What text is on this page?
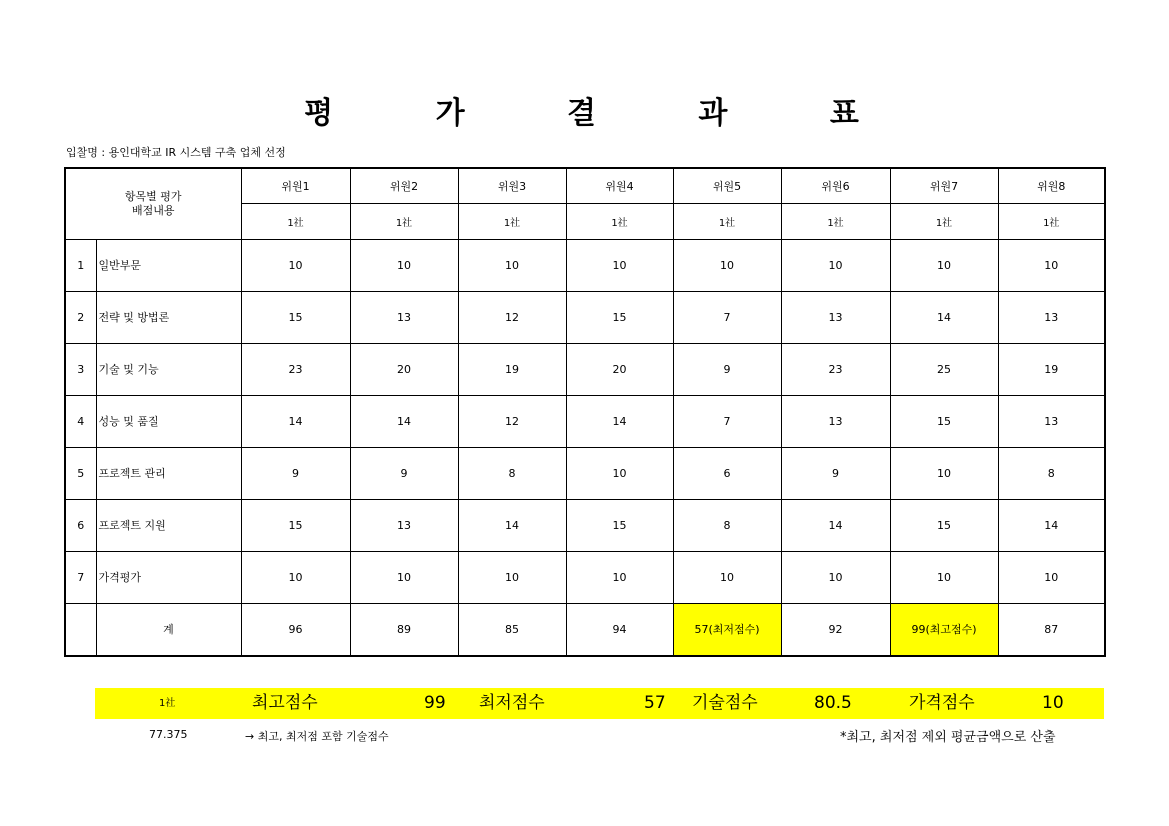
평 가 결 과 표
입찰명 : 용인대학교 IR 시스템 구축 업체 선정
항목별 평가
배점내용		위원1	위원2	위원3	위원4	위원5	위원6	위원7	위원8
		1社	1社	1社	1社	1社	1社	1社	1社
1	일반부문	10	10	10	10	10	10	10	10
2	전략 및 방법론	15	13	12	15	7	13	14	13
3	기술 및 기능	23	20	19	20	9	23	25	19
4	성능 및 품질	14	14	12	14	7	13	15	13
5	프로젝트 관리	9	9	8	10	6	9	10	8
6	프로젝트 지원	15	13	14	15	8	14	15	14
7	가격평가	10	10	10	10	10	10	10	10
	계	96	89	85	94	57(최저점수)	92	99(최고점수)	87
1社	최고점수	99 최저점수	57 기술점수	80.5	가격점수	10
77.375	→ 최고, 최저점 포함 기술점수	*최고, 최저점 제외 평균금액으로 산출
